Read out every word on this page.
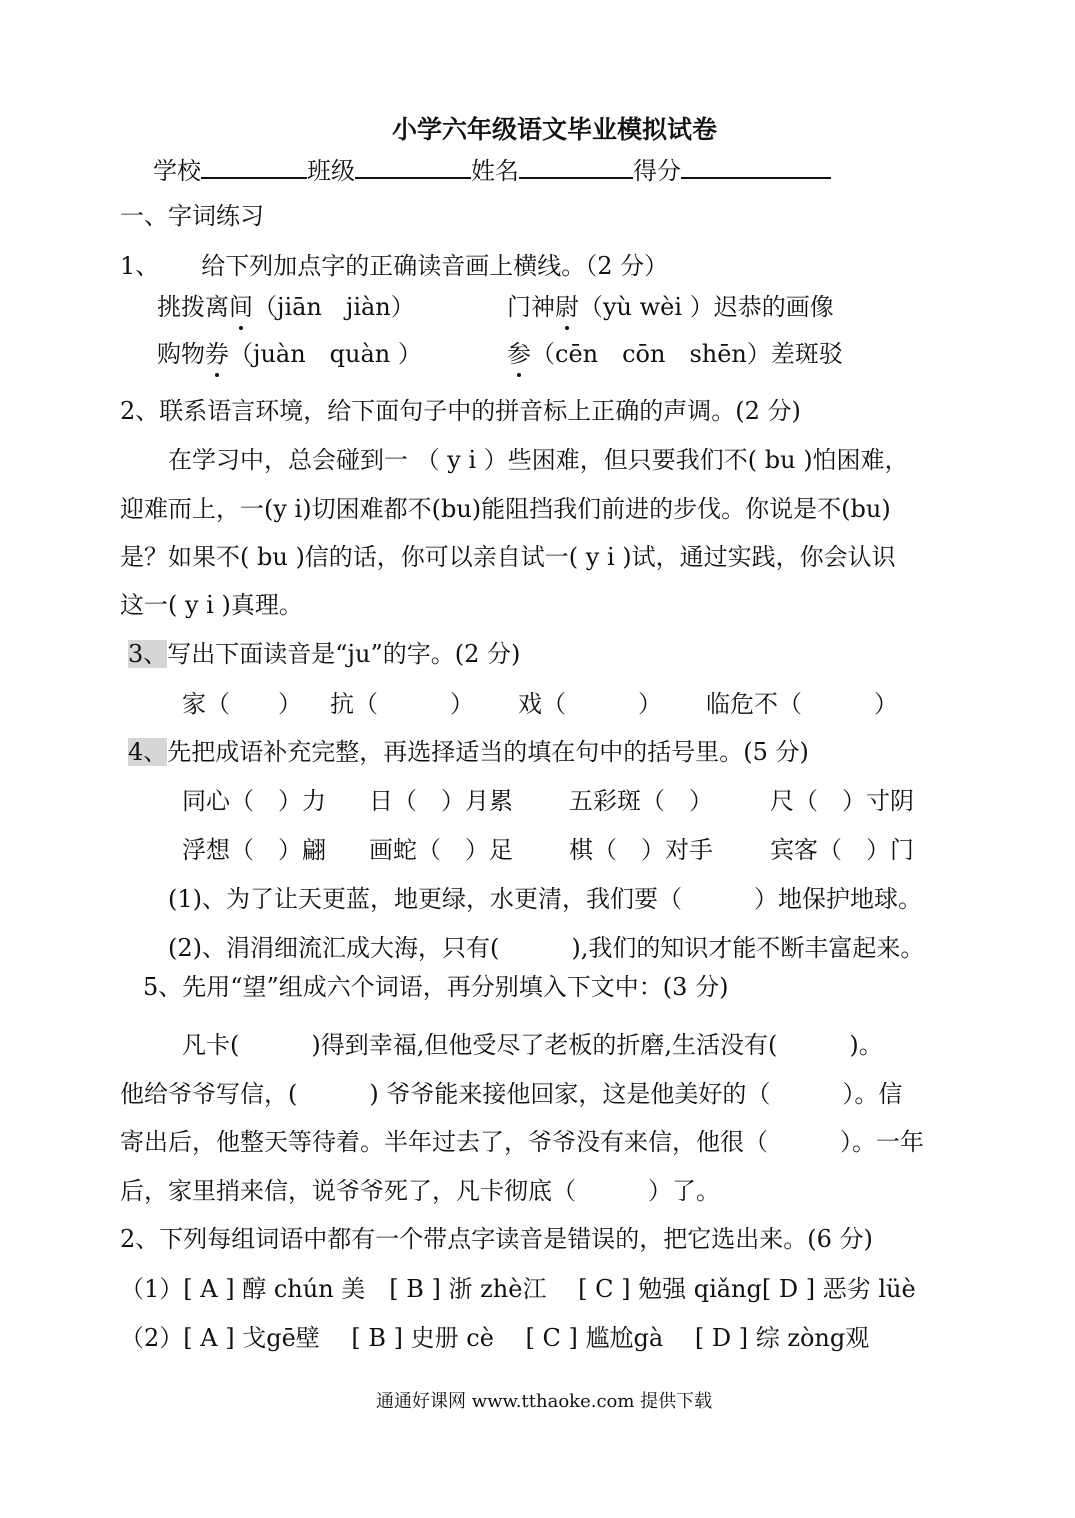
小学六年级语文毕业模拟试卷
学校	班级	姓名	得分
一、字词练习
1、 给下列加点字的正确读音画上横线。（2 分）
挑拨离间（jiān　jiàn）	门神尉（yù wèi ）迟恭的画像
购物券（juàn　quàn ）	参（cēn　cōn　shēn）差斑驳
2、联系语言环境，给下面句子中的拼音标上正确的声调。(2 分)
在学习中，总会碰到一 （ y i ）些困难，但只要我们不( bu )怕困难，
迎难而上，一(y i)切困难都不(bu)能阻挡我们前进的步伐。你说是不(bu)
是？如果不( bu )信的话，你可以亲自试一( y i )试，通过实践，你会认识
这一( y i )真理。
3、写出下面读音是“ju”的字。(2 分)
家（　　） 抗（　　　） 戏（　　　） 临危不（　　　）
4、先把成语补充完整，再选择适当的填在句中的括号里。(5 分)
同心（　）力 日（　）月累 五彩斑（　） 尺（　）寸阴
浮想（　）翩 画蛇（　）足 棋（　）对手 宾客（　）门
(1)、为了让天更蓝，地更绿，水更清，我们要（　　　）地保护地球。
(2)、涓涓细流汇成大海，只有(　　　),我们的知识才能不断丰富起来。
5、先用“望”组成六个词语，再分别填入下文中：(3 分)
凡卡(　　　)得到幸福,但他受尽了老板的折磨,生活没有(　　　)。
他给爷爷写信，(　　　) 爷爷能来接他回家，这是他美好的（　　　）。信
寄出后，他整天等待着。半年过去了，爷爷没有来信，他很（　　　）。一年
后，家里捎来信，说爷爷死了，凡卡彻底（　　　）了。
2、下列每组词语中都有一个带点字读音是错误的，把它选出来。(6 分)
（1）[ A ] 醇 chún 美　[ B ] 浙 zhè江　 [ C ] 勉强 qiǎng[ D ] 恶劣 lüè
（2）[ A ] 戈gē壁　 [ B ] 史册 cè　 [ C ] 尴尬gà　 [ D ] 综 zòng观
通通好课网 www.tthaoke.com 提供下载
